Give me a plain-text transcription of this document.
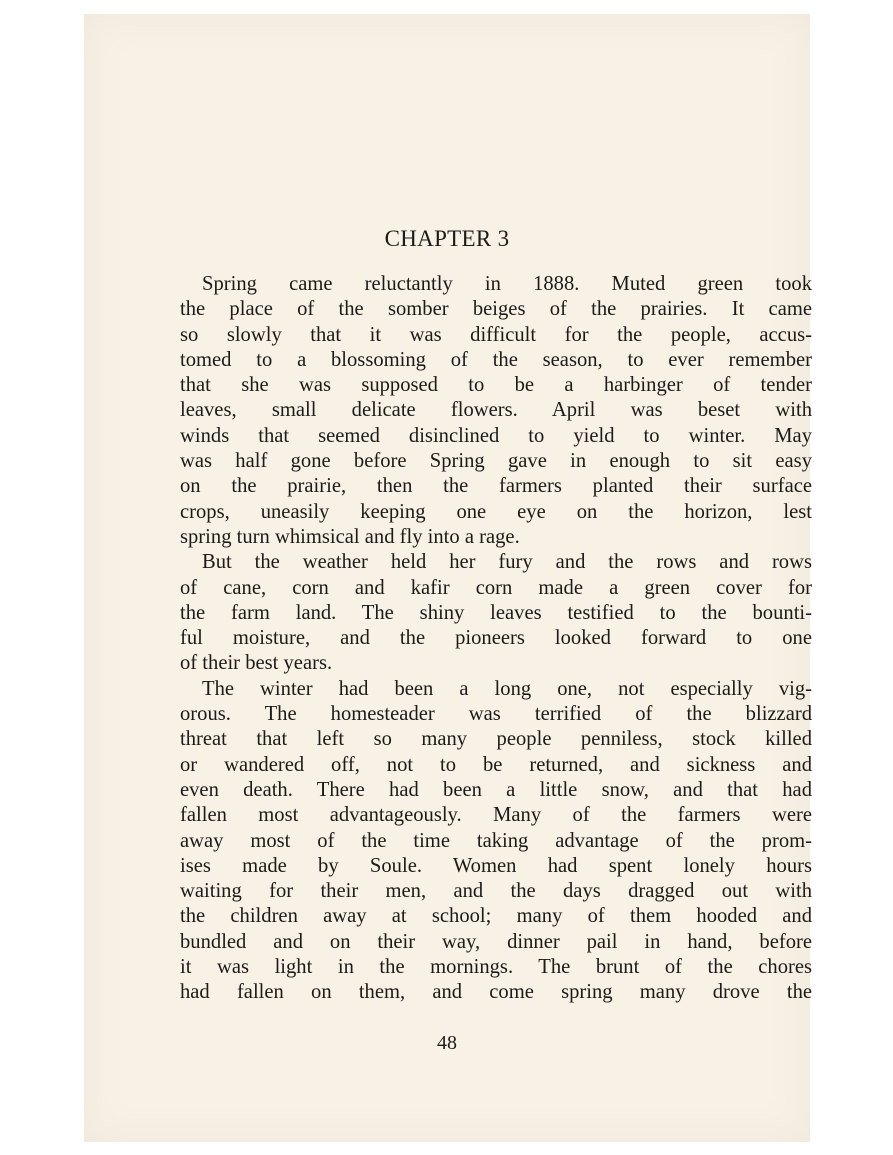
CHAPTER 3

Spring came reluctantly in 1888. Muted green took
the place of the somber beiges of the prairies. It came
so slowly that it was difficult for the people, accus-
tomed to a blossoming of the season, to ever remember
that she was supposed to be a harbinger of tender
leaves, small delicate flowers. April was beset with
winds that seemed disinclined to yield to winter. May
was half gone before Spring gave in enough to sit easy
on the prairie, then the farmers planted their surface
crops, uneasily keeping one eye on the horizon, lest
spring turn whimsical and fly into a rage.

But the weather held her fury and the rows and rows
of cane, corn and kafir corn made a green cover for
the farm land. The shiny leaves testified to the bounti-
ful moisture, and the pioneers looked forward to one
of their best years.

The winter had been a long one, not especially vig-
orous. The homesteader was terrified of the blizzard
threat that left so many people penniless, stock killed
or wandered off, not to be returned, and sickness and
even death. There had been a little snow, and that had
fallen most advantageously. Many of the farmers were
away most of the time taking advantage of the prom-
ises made by Soule. Women had spent lonely hours
waiting for their men, and the days dragged out with
the children away at school; many of them hooded and
bundled and on their way, dinner pail in hand, before
it was light in the mornings. The brunt of the chores
had fallen on them, and come spring many drove the

48
